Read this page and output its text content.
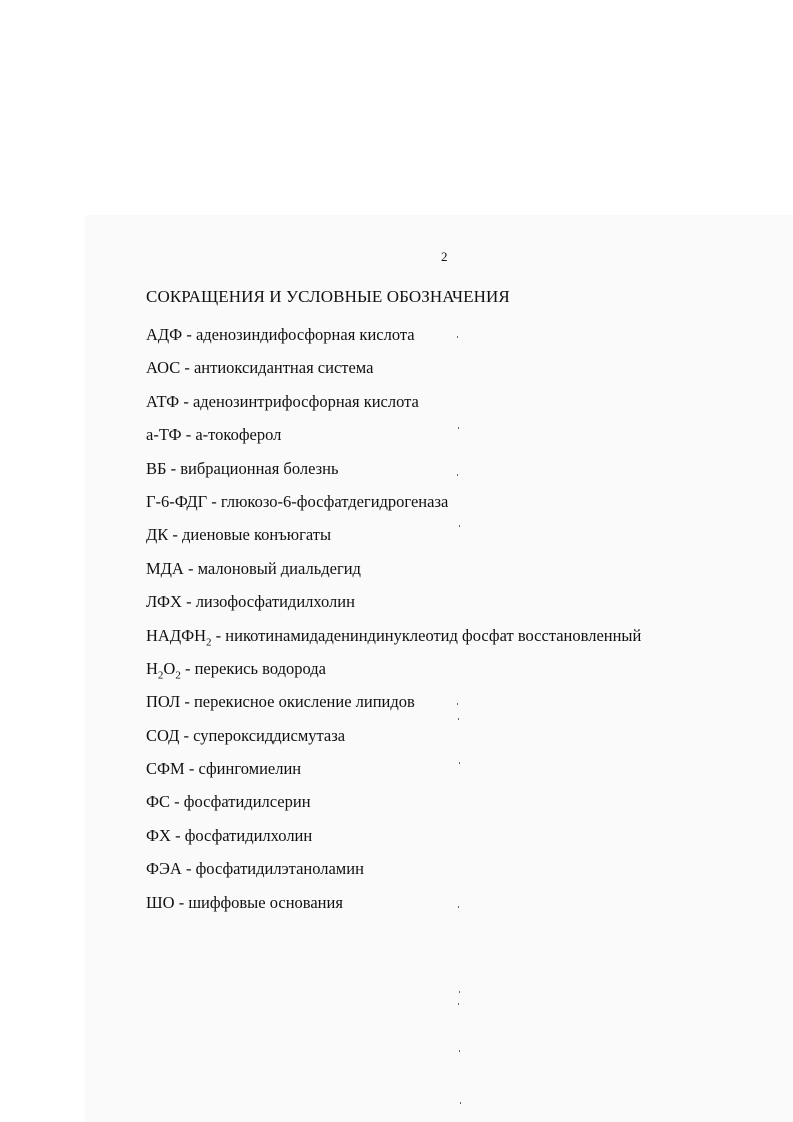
2
СОКРАЩЕНИЯ И УСЛОВНЫЕ ОБОЗНАЧЕНИЯ
АДФ - аденозиндифосфорная кислота
АОС - антиоксидантная система
АТФ - аденозинтрифосфорная кислота
а-ТФ - а-токоферол
ВБ - вибрационная болезнь
Г-6-ФДГ - глюкозо-6-фосфатдегидрогеназа
ДК - диеновые конъюгаты
МДА - малоновый диальдегид
ЛФХ - лизофосфатидилхолин
$НАДФН_2$ - никотинамидадениндинуклеотид фосфат восстановленный
$Н_2О_2$ - перекись водорода
ПОЛ - перекисное окисление липидов
СОД - супероксиддисмутаза
СФМ - сфингомиелин
ФС - фосфатидилсерин
ФХ - фосфатидилхолин
ФЭА - фосфатидилэтаноламин
ШО - шиффовые основания
